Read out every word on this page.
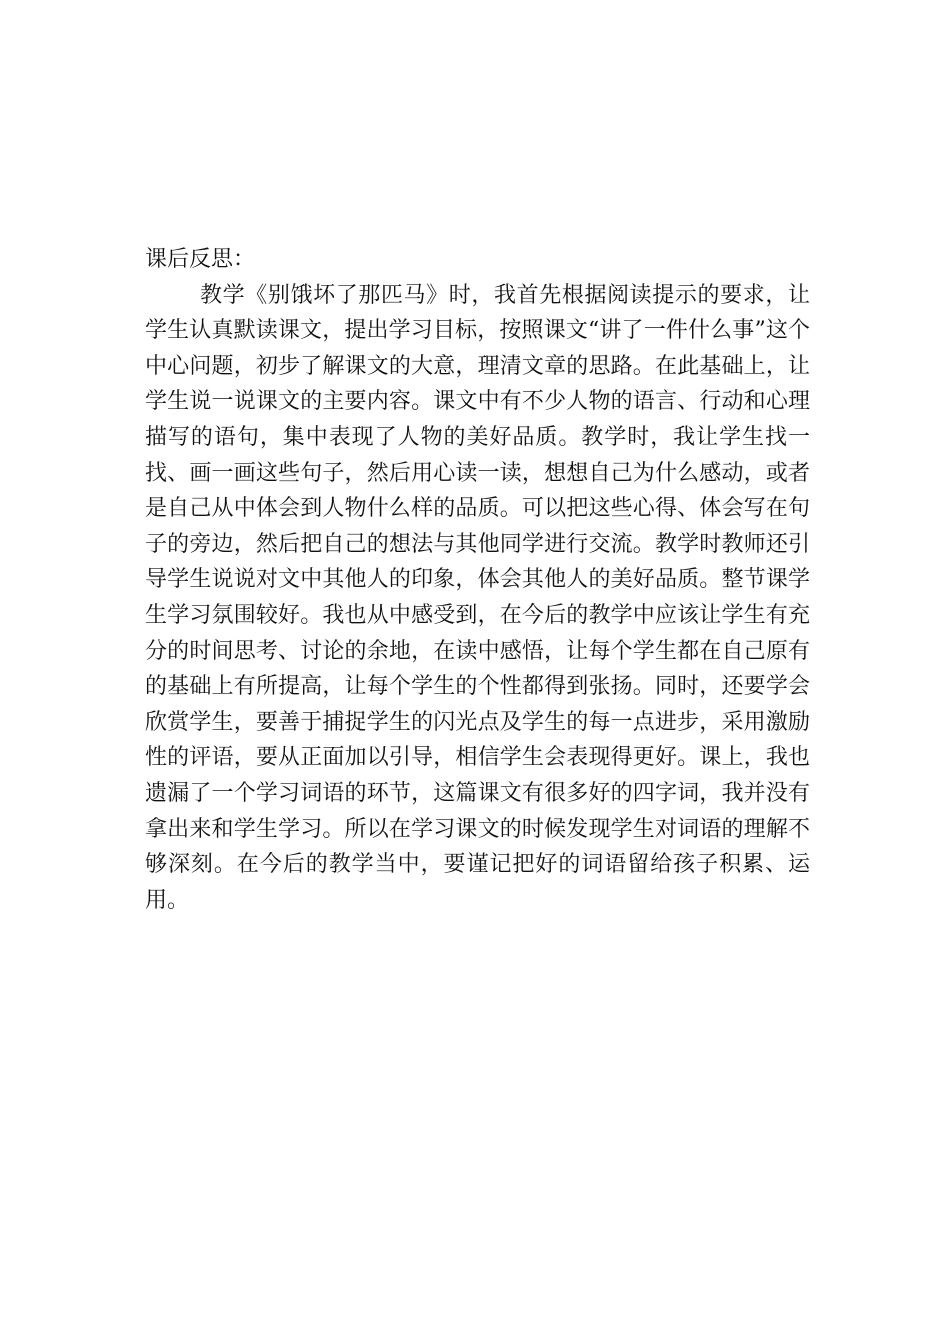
课后反思：

教学《别饿坏了那匹马》时，我首先根据阅读提示的要求，让学生认真默读课文，提出学习目标，按照课文“讲了一件什么事”这个中心问题，初步了解课文的大意，理清文章的思路。在此基础上，让学生说一说课文的主要内容。课文中有不少人物的语言、行动和心理描写的语句，集中表现了人物的美好品质。教学时，我让学生找一找、画一画这些句子，然后用心读一读，想想自己为什么感动，或者是自己从中体会到人物什么样的品质。可以把这些心得、体会写在句子的旁边，然后把自己的想法与其他同学进行交流。教学时教师还引导学生说说对文中其他人的印象，体会其他人的美好品质。整节课学生学习氛围较好。我也从中感受到，在今后的教学中应该让学生有充分的时间思考、讨论的余地，在读中感悟，让每个学生都在自己原有的基础上有所提高，让每个学生的个性都得到张扬。同时，还要学会欣赏学生，要善于捕捉学生的闪光点及学生的每一点进步，采用激励性的评语，要从正面加以引导，相信学生会表现得更好。课上，我也遗漏了一个学习词语的环节，这篇课文有很多好的四字词，我并没有拿出来和学生学习。所以在学习课文的时候发现学生对词语的理解不够深刻。在今后的教学当中，要谨记把好的词语留给孩子积累、运用。
